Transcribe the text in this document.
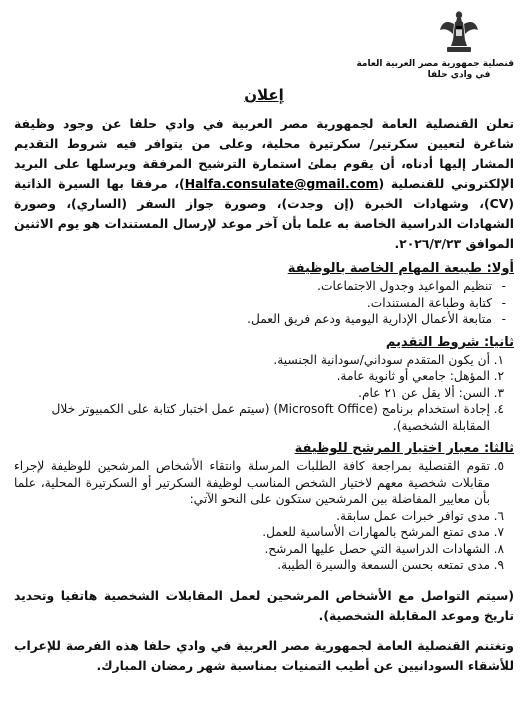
قنصلية جمهورية مصر العربية العامة
في وادي حلفا
إعلان

تعلن القنصلية العامة لجمهورية مصر العربية في وادي حلفا عن وجود وظيفة شاغرة لتعيين سكرتير/ سكرتيرة محلية، وعلى من يتوافر فيه شروط التقديم المشار إليها أدناه، أن يقوم بملئ استمارة الترشيح المرفقة ويرسلها على البريد الإلكتروني للقنصلية (Halfa.consulate@gmail.com)، مرفقا بها السيرة الذاتية (CV)، وشهادات الخبرة (إن وجدت)، وصورة جواز السفر (الساري)، وصورة الشهادات الدراسية الخاصة به علما بأن آخر موعد لإرسال المستندات هو يوم الاثنين الموافق ٢٠٢٦/٣/٢٣.

أولا: طبيعة المهام الخاصة بالوظيفة
- تنظيم المواعيد وجدول الاجتماعات.
- كتابة وطباعة المستندات.
- متابعة الأعمال الإدارية اليومية ودعم فريق العمل.
ثانيا: شروط التقديم
١.
أن يكون المتقدم سوداني/سودانية الجنسية.
٢.
المؤهل: جامعي أو ثانوية عامة.
٣.
السن: ألا يقل عن ٢١ عام.
٤.
إجادة استخدام برنامج (Microsoft Office) (سيتم عمل اختبار كتابة على الكمبيوتر خلال المقابلة الشخصية).
ثالثا: معيار اختيار المرشح للوظيفة
٥.
تقوم القنصلية بمراجعة كافة الطلبات المرسلة وانتقاء الأشخاص المرشحين للوظيفة لإجراء مقابلات شخصية معهم لاختيار الشخص المناسب لوظيفة السكرتير أو السكرتيرة المحلية، علما بأن معايير المفاضلة بين المرشحين ستكون على النحو الآتي:
٦.
مدى توافر خبرات عمل سابقة.
٧.
مدى تمتع المرشح بالمهارات الأساسية للعمل.
٨.
الشهادات الدراسية التي حصل عليها المرشح.
٩.
مدى تمتعه بحسن السمعة والسيرة الطيبة.

(سيتم التواصل مع الأشخاص المرشحين لعمل المقابلات الشخصية هاتفيا وتحديد تاريخ وموعد المقابلة الشخصية).

وتغتنم القنصلية العامة لجمهورية مصر العربية في وادي حلفا هذه الفرصة للإعراب للأشقاء السودانيين عن أطيب التمنيات بمناسبة شهر رمضان المبارك.
